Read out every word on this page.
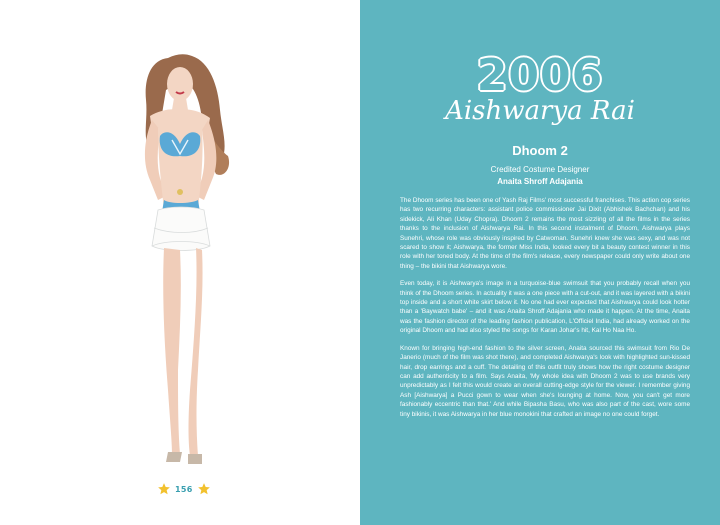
156
2006
Aishwarya Rai
Dhoom 2
Credited Costume Designer
Anaita Shroff Adajania

The Dhoom series has been one of Yash Raj Films' most successful franchises. This action cop series has two recurring characters: assistant police commissioner Jai Dixit (Abhishek Bachchan) and his sidekick, Ali Khan (Uday Chopra). Dhoom 2 remains the most sizzling of all the films in the series thanks to the inclusion of Aishwarya Rai. In this second instalment of Dhoom, Aishwarya plays Sunehri, whose role was obviously inspired by Catwoman. Sunehri knew she was sexy, and was not scared to show it; Aishwarya, the former Miss India, looked every bit a beauty contest winner in this role with her toned body. At the time of the film's release, every newspaper could only write about one thing – the bikini that Aishwarya wore.

Even today, it is Aishwarya's image in a turquoise-blue swimsuit that you probably recall when you think of the Dhoom series. In actuality it was a one piece with a cut-out, and it was layered with a bikini top inside and a short white skirt below it. No one had ever expected that Aishwarya could look hotter than a 'Baywatch babe' – and it was Anaita Shroff Adajania who made it happen. At the time, Anaita was the fashion director of the leading fashion publication, L'Officiel India, had already worked on the original Dhoom and had also styled the songs for Karan Johar's hit, Kal Ho Naa Ho.

Known for bringing high-end fashion to the silver screen, Anaita sourced this swimsuit from Rio De Janerio (much of the film was shot there), and completed Aishwarya's look with highlighted sun-kissed hair, drop earrings and a cuff. The detailing of this outfit truly shows how the right costume designer can add authenticity to a film. Says Anaita, 'My whole idea with Dhoom 2 was to use brands very unpredictably as I felt this would create an overall cutting-edge style for the viewer. I remember giving Ash [Aishwarya] a Pucci gown to wear when she's lounging at home. Now, you can't get more fashionably eccentric than that.' And while Bipasha Basu, who was also part of the cast, wore some tiny bikinis, it was Aishwarya in her blue monokini that crafted an image no one could forget.
